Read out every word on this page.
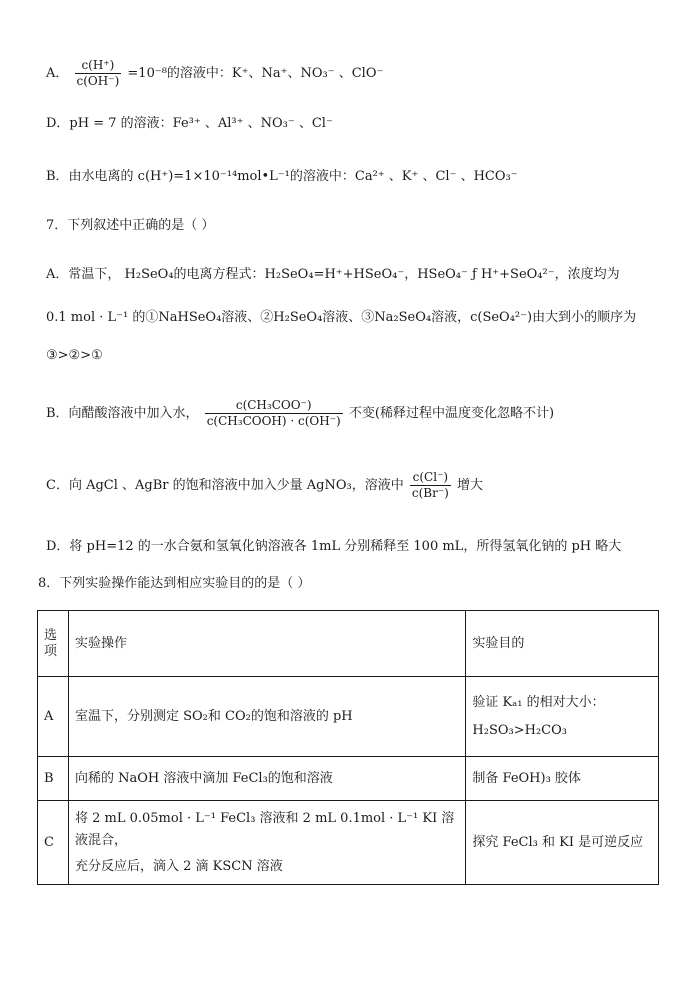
A． $\frac{c(H^+)}{c(OH^-)} =10^{-8}$的溶液中：K⁺、Na⁺、NO₃⁻ 、ClO⁻
D．pH = 7 的溶液：Fe³⁺ 、Al³⁺ 、NO₃⁻ 、Cl⁻
B．由水电离的 c(H⁺)=1×10⁻¹⁴mol•L⁻¹的溶液中：Ca²⁺ 、K⁺ 、Cl⁻ 、HCO₃⁻
7．下列叙述中正确的是（ ）
A．常温下， H₂SeO₄的电离方程式：H₂SeO₄=H⁺+HSeO₄⁻，HSeO₄⁻ ƒ H⁺+SeO₄²⁻，浓度均为
0.1 mol · L⁻¹ 的①NaHSeO₄溶液、②H₂SeO₄溶液、③Na₂SeO₄溶液，c(SeO₄²⁻)由大到小的顺序为
③>②>①
B．向醋酸溶液中加入水， $\frac{\text{c(CH₃COO⁻)}}{\text{c(CH₃COOH) · c(OH⁻)}}$ 不变(稀释过程中温度变化忽略不计)
C．向 AgCl 、AgBr 的饱和溶液中加入少量 AgNO₃，溶液中 $\frac{c(Cl^-)}{c(Br^-)}$ 增大
D．将 pH=12 的一水合氨和氢氧化钠溶液各 1mL 分别稀释至 100 mL，所得氢氧化钠的 pH 略大
8．下列实验操作能达到相应实验目的的是（ ）
选项	实验操作	实验目的
A	室温下，分别测定 SO₂和 CO₂的饱和溶液的 pH	验证 Kₐ₁ 的相对大小：
H₂SO₃>H₂CO₃

B	向稀的 NaOH 溶液中滴加 FeCl₃的饱和溶液	制备 FeOH)₃ 胶体
C	将 2 mL 0.05mol · L⁻¹ FeCl₃ 溶液和 2 mL 0.1mol · L⁻¹ KI 溶液混合，
充分反应后，滴入 2 滴 KSCN 溶液	探究 FeCl₃ 和 KI 是可逆反应
